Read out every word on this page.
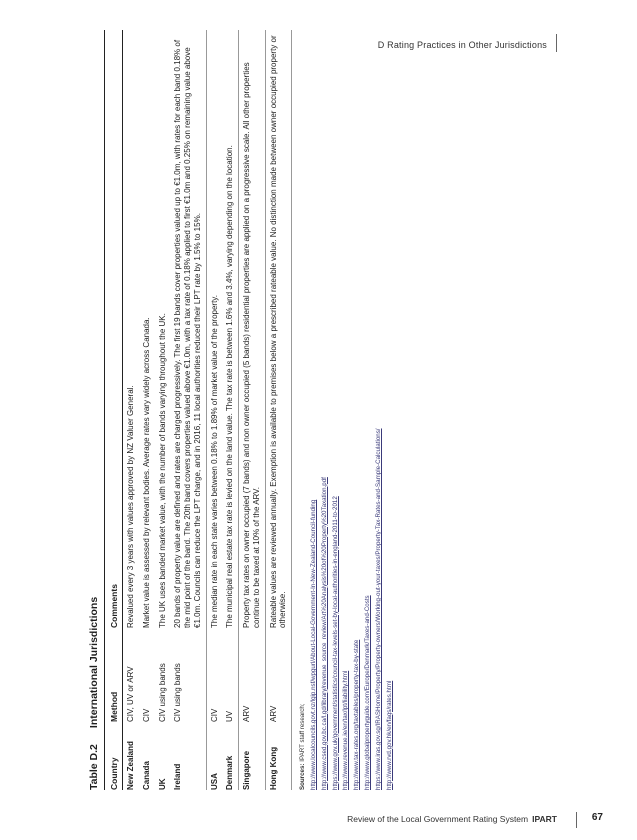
D Rating Practices in Other Jurisdictions
Table D.2
International Jurisdictions
Country	Method	Comments
New Zealand	CIV, UV or ARV	Revalued every 3 years with values approved by NZ Valuer General.
Canada	CIV	Market value is assessed by relevant bodies. Average rates vary widely across Canada.
UK	CIV using bands	The UK uses banded market value, with the number of bands varying throughout the UK.
Ireland	CIV using bands	20 bands of property value are defined and rates are charged progressively. The first 19 bands cover properties valued up to €1.0m, with rates for each band 0.18% of the mid point of the band. The 20th band covers properties valued above €1.0m, with a tax rate of 0.18% applied to first €1.0m and 0.25% on remaining value above €1.0m. Councils can reduce the LPT charge, and in 2016, 11 local authorities reduced their LPT rate by 1.5% to 15%.
USA	CIV	The median rate in each state varies between 0.18% to 1.89% of market value of the property.
Denmark	UV	The municipal real estate tax rate is levied on the land value. The tax rate is between 1.6% and 3.4%, varying depending on the location.
Singapore	ARV	Property tax rates on owner occupied (7 bands) and non owner occupied (5 bands) residential properties are applied on a progressive scale. All other properties continue to be taxed at 10% of the ARV.
Hong Kong	ARV	Rateable values are reviewed annually. Exemption is available to premises below a prescribed rateable value. No distinction made between owner occupied property or otherwise.
Sources: IPART staff research; http://www.localcouncils.govt.nz/lgip.nsf/wpgurl/About-Local-Government-In-New-Zealand-Council-funding http://www.csed.gov.bc.ca/l.gd/library/revenue_source_review/Art%20Analysis%20of%20Property%20Taxation.pdf https://www.gov.uk/government/statistics/council-tax-levels-set-by-local-authorities-in-england-2011-to-2012 http://www.revenue.ie/en/tax/lpt/liability.html http://www.tax-rates.org/taxtables/property-tax-by-state http://www.globalpropertyguide.com/Europe/Denmark/Taxes-and-Costs https://www.iras.gov.sg/IRASHome/Property/Property-owners/Working-out-your-taxes/Property-Tax-Rates-and-Sample-Calculations/ http://www.rvd.gov.hk/en/faqs/rates.html
Review of the Local Government Rating System IPART	67
